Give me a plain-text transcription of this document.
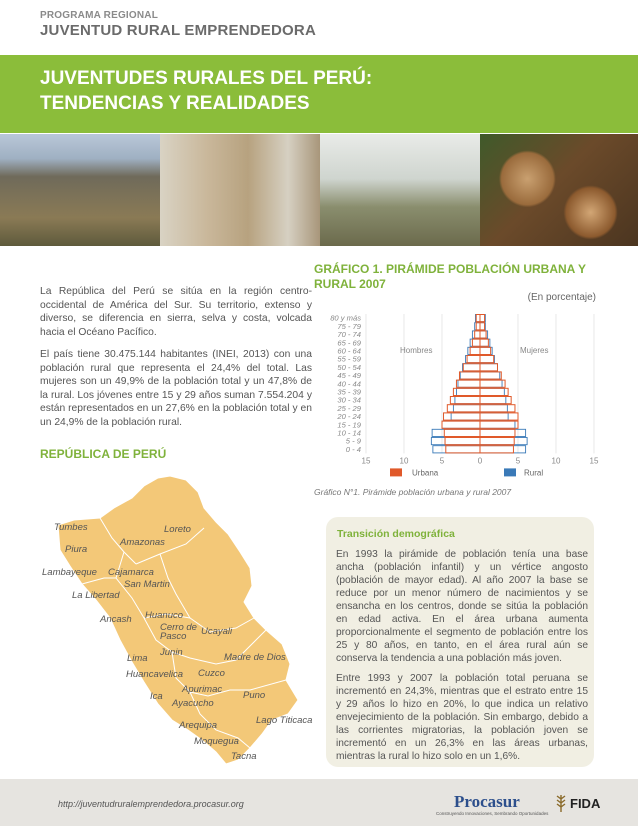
PROGRAMA REGIONAL
JUVENTUD RURAL EMPRENDEDORA
JUVENTUDES RURALES DEL PERÚ:
TENDENCIAS Y REALIDADES

La República del Perú se sitúa en la región centro-occidental de América del Sur. Su territorio, extenso y diverso, se diferencia en sierra, selva y costa, volcada hacia el Océano Pacífico.

El país tiene 30.475.144 habitantes (INEI, 2013) con una población rural que representa el 24,4% del total. Las mujeres son un 49,9% de la población total y un 47,8% de la rural. Los jóvenes entre 15 y 29 años suman 7.554.204 y están representados en un 27,6% en la población total y en un 24,9% de la población rural.

REPÚBLICA DE PERÚ
Tumbes	Loreto
Amazonas
Piura
Lambayeque Cajamarca
San Martin
La Libertad
Ancash Huanuco
Cerro de
Pasco Ucayali
Junin
Lima	Madre de Dios
Huancavelica Cuzco
Apurimac
Ica
Ayacucho
Puno
Arequipa	Lago Titicaca
Moquegua
Tacna
GRÁFICO 1. PIRÁMIDE POBLACIÓN URBANA Y RURAL 2007
(En porcentaje)
15	10	5	0	5	10	15
0 - 4
5 - 9
10 - 14
15 - 19
20 - 24
25 - 29
30 - 34
35 - 39
40 - 44
45 - 49
50 - 54
55 - 59
60 - 64
65 - 69
70 - 74
75 - 79
80 y más
Urbana	Rural
Hombres	Mujeres
Gráfico N°1. Pirámide población urbana y rural 2007
Transición demográfica

En 1993 la pirámide de población tenía una base ancha (población infantil) y un vértice angosto (población de mayor edad). Al año 2007 la base se reduce por un menor número de nacimientos y se ensancha en los centros, donde se sitúa la población en edad activa. En el área urbana aumenta proporcionalmente el segmento de población entre los 25 y 80 años, en tanto, en el área rural aún se conserva la tendencia a una población más joven.

Entre 1993 y 2007 la población total peruana se incrementó en 24,3%, mientras que el estrato entre 15 y 29 años lo hizo en 20%, lo que indica un relativo envejecimiento de la población. Sin embargo, debido a las corrientes migratorias, la población joven se incrementó en un 26,3% en las áreas urbanas, mientras la rural lo hizo solo en un 1,6%.

http://juventudruralemprendedora.procasur.org	Procasur
Construyendo Innovaciones, Sembrando Oportunidades
FIDA
